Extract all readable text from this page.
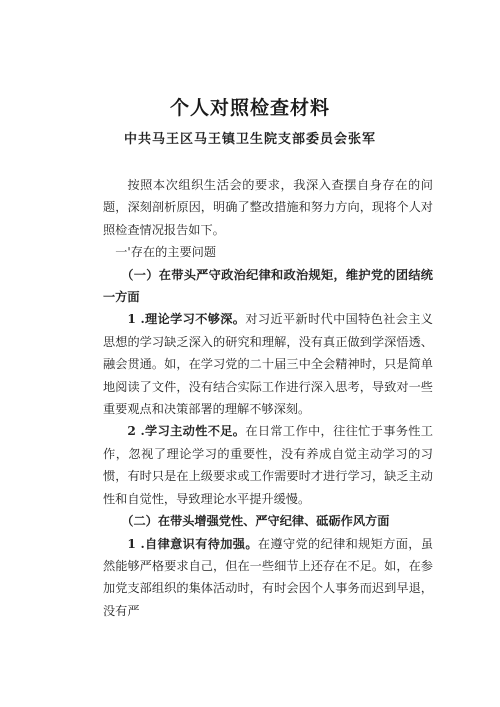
个人对照检查材料
中共马王区马王镇卫生院支部委员会张军

按照本次组织生活会的要求，我深入查摆自身存在的问题，深刻剖析原因，明确了整改措施和努力方向，现将个人对照检查情况报告如下。

一'存在的主要问题

（一）在带头严守政治纪律和政治规矩，维护党的团结统一方面

1 .理论学习不够深。对习近平新时代中国特色社会主义思想的学习缺乏深入的研究和理解，没有真正做到学深悟透、融会贯通。如，在学习党的二十届三中全会精神时，只是简单地阅读了文件，没有结合实际工作进行深入思考，导致对一些重要观点和决策部署的理解不够深刻。

2 .学习主动性不足。在日常工作中，往往忙于事务性工作，忽视了理论学习的重要性，没有养成自觉主动学习的习惯，有时只是在上级要求或工作需要时才进行学习，缺乏主动性和自觉性，导致理论水平提升缓慢。

（二）在带头增强党性、严守纪律、砥砺作风方面

1 .自律意识有待加强。在遵守党的纪律和规矩方面，虽然能够严格要求自己，但在一些细节上还存在不足。如，在参加党支部组织的集体活动时，有时会因个人事务而迟到早退，没有严
